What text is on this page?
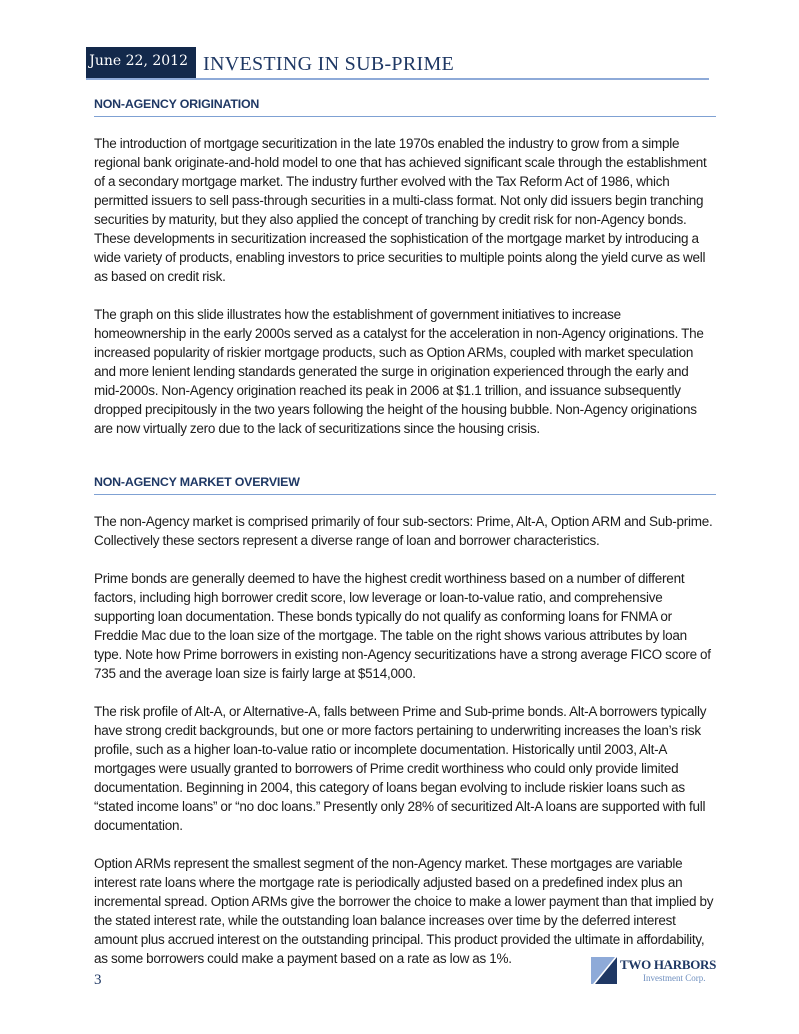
June 22, 2012 INVESTING IN SUB-PRIME
NON-AGENCY ORIGINATION

The introduction of mortgage securitization in the late 1970s enabled the industry to grow from a simple regional bank originate-and-hold model to one that has achieved significant scale through the establishment of a secondary mortgage market. The industry further evolved with the Tax Reform Act of 1986, which permitted issuers to sell pass-through securities in a multi-class format. Not only did issuers begin tranching securities by maturity, but they also applied the concept of tranching by credit risk for non-Agency bonds. These developments in securitization increased the sophistication of the mortgage market by introducing a wide variety of products, enabling investors to price securities to multiple points along the yield curve as well as based on credit risk.

The graph on this slide illustrates how the establishment of government initiatives to increase homeownership in the early 2000s served as a catalyst for the acceleration in non-Agency originations. The increased popularity of riskier mortgage products, such as Option ARMs, coupled with market speculation and more lenient lending standards generated the surge in origination experienced through the early and mid-2000s. Non-Agency origination reached its peak in 2006 at $1.1 trillion, and issuance subsequently dropped precipitously in the two years following the height of the housing bubble. Non-Agency originations are now virtually zero due to the lack of securitizations since the housing crisis.

NON-AGENCY MARKET OVERVIEW

The non-Agency market is comprised primarily of four sub-sectors: Prime, Alt-A, Option ARM and Sub-prime. Collectively these sectors represent a diverse range of loan and borrower characteristics.

Prime bonds are generally deemed to have the highest credit worthiness based on a number of different factors, including high borrower credit score, low leverage or loan-to-value ratio, and comprehensive supporting loan documentation. These bonds typically do not qualify as conforming loans for FNMA or Freddie Mac due to the loan size of the mortgage. The table on the right shows various attributes by loan type. Note how Prime borrowers in existing non-Agency securitizations have a strong average FICO score of 735 and the average loan size is fairly large at $514,000.

The risk profile of Alt-A, or Alternative-A, falls between Prime and Sub-prime bonds. Alt-A borrowers typically have strong credit backgrounds, but one or more factors pertaining to underwriting increases the loan’s risk profile, such as a higher loan-to-value ratio or incomplete documentation. Historically until 2003, Alt-A mortgages were usually granted to borrowers of Prime credit worthiness who could only provide limited documentation. Beginning in 2004, this category of loans began evolving to include riskier loans such as “stated income loans” or “no doc loans.” Presently only 28% of securitized Alt-A loans are supported with full documentation.

Option ARMs represent the smallest segment of the non-Agency market. These mortgages are variable interest rate loans where the mortgage rate is periodically adjusted based on a predefined index plus an incremental spread. Option ARMs give the borrower the choice to make a lower payment than that implied by the stated interest rate, while the outstanding loan balance increases over time by the deferred interest amount plus accrued interest on the outstanding principal. This product provided the ultimate in affordability, as some borrowers could make a payment based on a rate as low as 1%.

3
TWO HARBORS
Investment Corp.
